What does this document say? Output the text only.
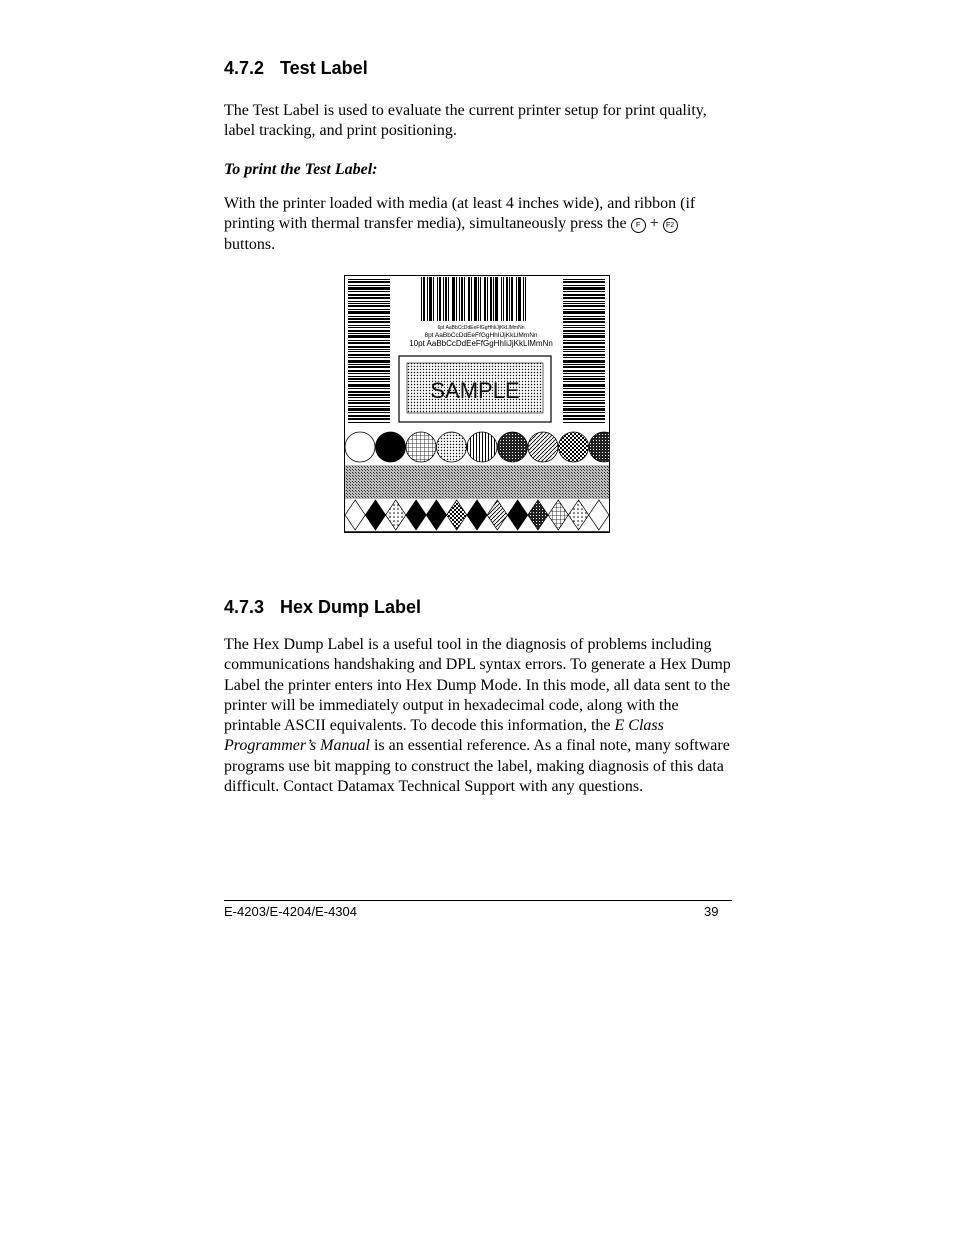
4.7.2 Test Label

The Test Label is used to evaluate the current printer setup for print quality, label tracking, and print positioning.

To print the Test Label:

With the printer loaded with media (at least 4 inches wide), and ribbon (if printing with thermal transfer media), simultaneously press the F + F2 buttons.

6pt AaBbCcDdEeFfGgHhIiJjKkLlMmNn
8pt AaBbCcDdEeFfGgHhIiJjKkLlMmNn
10pt AaBbCcDdEeFfGgHhIiJjKkLlMmNn
SAMPLE
4.7.3 Hex Dump Label

The Hex Dump Label is a useful tool in the diagnosis of problems including communications handshaking and DPL syntax errors. To generate a Hex Dump Label the printer enters into Hex Dump Mode. In this mode, all data sent to the printer will be immediately output in hexadecimal code, along with the printable ASCII equivalents. To decode this information, the E Class Programmer’s Manual is an essential reference. As a final note, many software programs use bit mapping to construct the label, making diagnosis of this data difficult. Contact Datamax Technical Support with any questions.

E-4203/E-4204/E-4304	39
